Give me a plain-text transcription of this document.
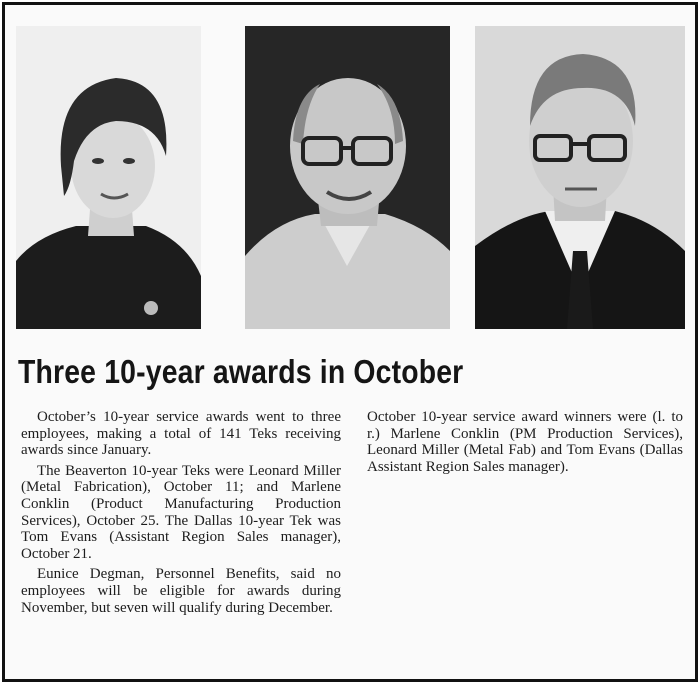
Three 10-year awards in October

October’s 10-year service awards went to three employees, making a total of 141 Teks receiving awards since January.

The Beaverton 10-year Teks were Leonard Miller (Metal Fabrication), October 11; and Marlene Conklin (Product Manufacturing Production Services), October 25. The Dallas 10-year Tek was Tom Evans (Assistant Region Sales manager), October 21.

Eunice Degman, Personnel Benefits, said no employees will be eligible for awards during November, but seven will qualify during December.

October 10-year service award winners were (l. to r.) Marlene Conklin (PM Production Services), Leonard Miller (Metal Fab) and Tom Evans (Dallas Assistant Region Sales manager).
